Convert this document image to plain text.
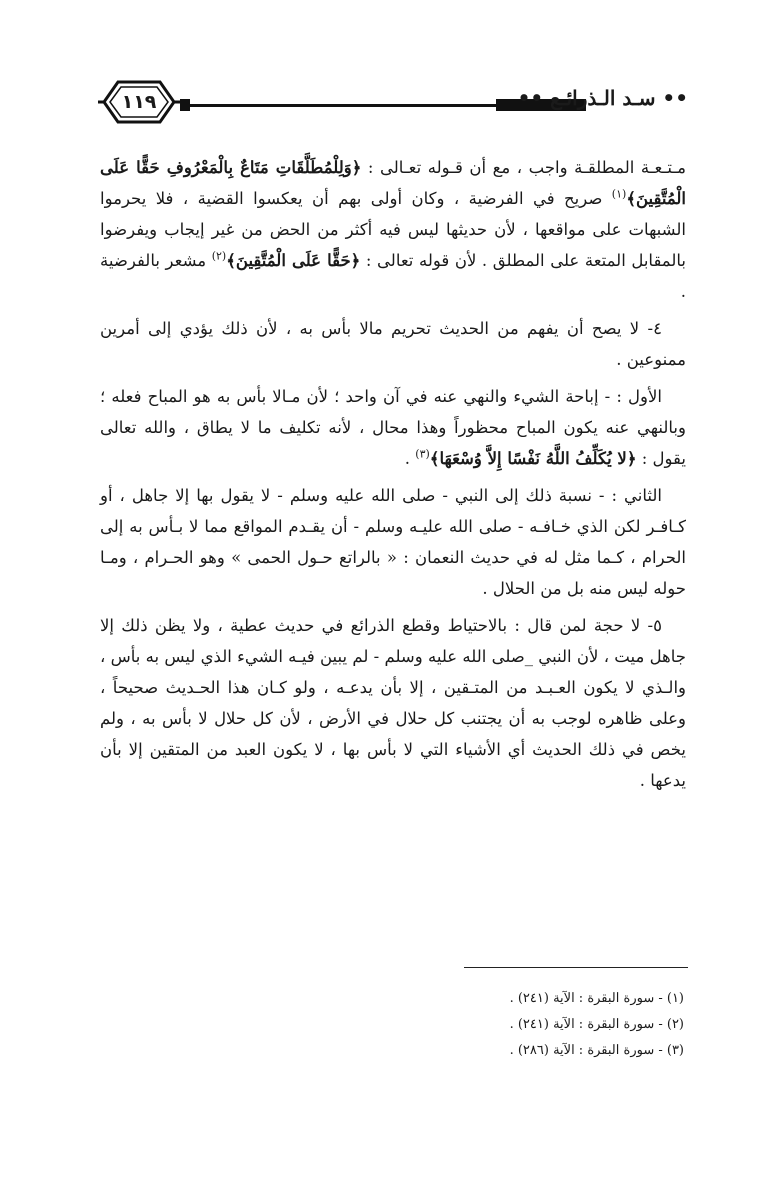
١١٩	•• سـد الـذرائـع ••

مـتـعـة المطلقـة واجب ، مع أن قـوله تعـالى : ﴿وَلِلْمُطَلَّقَاتِ مَتَاعٌ بِالْمَعْرُوفِ حَقًّا عَلَى الْمُتَّقِينَ﴾$^{(١)}$ صريح في الفرضية ، وكان أولى بهم أن يعكسوا القضية ، فلا يحرموا الشبهات على مواقعها ، لأن حديثها ليس فيه أكثر من الحض من غير إيجاب ويفرضوا بالمقابل المتعة على المطلق . لأن قوله تعالى : ﴿حَقًّا عَلَى الْمُتَّقِينَ﴾$^{(٢)}$ مشعر بالفرضية .

٤- لا يصح أن يفهم من الحديث تحريم مالا بأس به ، لأن ذلك يؤدي إلى أمرين ممنوعين .

الأول : - إباحة الشيء والنهي عنه في آن واحد ؛ لأن مـالا بأس به هو المباح فعله ؛ وبالنهي عنه يكون المباح محظوراً وهذا محال ، لأنه تكليف ما لا يطاق ، والله تعالى يقول : ﴿لا يُكَلِّفُ اللَّهُ نَفْسًا إِلاَّ وُسْعَهَا﴾$^{(٣)}$ .

الثاني : - نسبة ذلك إلى النبي - صلى الله عليه وسلم - لا يقول بها إلا جاهل ، أو كـافـر لكن الذي خـافـه - صلى الله عليـه وسلم - أن يقـدم المواقع مما لا بـأس به إلى الحرام ، كـما مثل له في حديث النعمان : « بالراتع حـول الحمى » وهو الحـرام ، ومـا حوله ليس منه بل من الحلال .

٥- لا حجة لمن قال : بالاحتياط وقطع الذرائع في حديث عطية ، ولا يظن ذلك إلا جاهل ميت ، لأن النبي _صلى الله عليه وسلم - لم يبين فيـه الشيء الذي ليس به بأس ، والـذي لا يكون العـبـد من المتـقين ، إلا بأن يدعـه ، ولو كـان هذا الحـديث صحيحاً ، وعلى ظاهره لوجب به أن يجتنب كل حلال في الأرض ، لأن كل حلال لا بأس به ، ولم يخص في ذلك الحديث أي الأشياء التي لا بأس بها ، لا يكون العبد من المتقين إلا بأن يدعها .

(١) - سورة البقرة : الآية (٢٤١) .
(٢) - سورة البقرة : الآية (٢٤١) .
(٣) - سورة البقرة : الآية (٢٨٦) .
